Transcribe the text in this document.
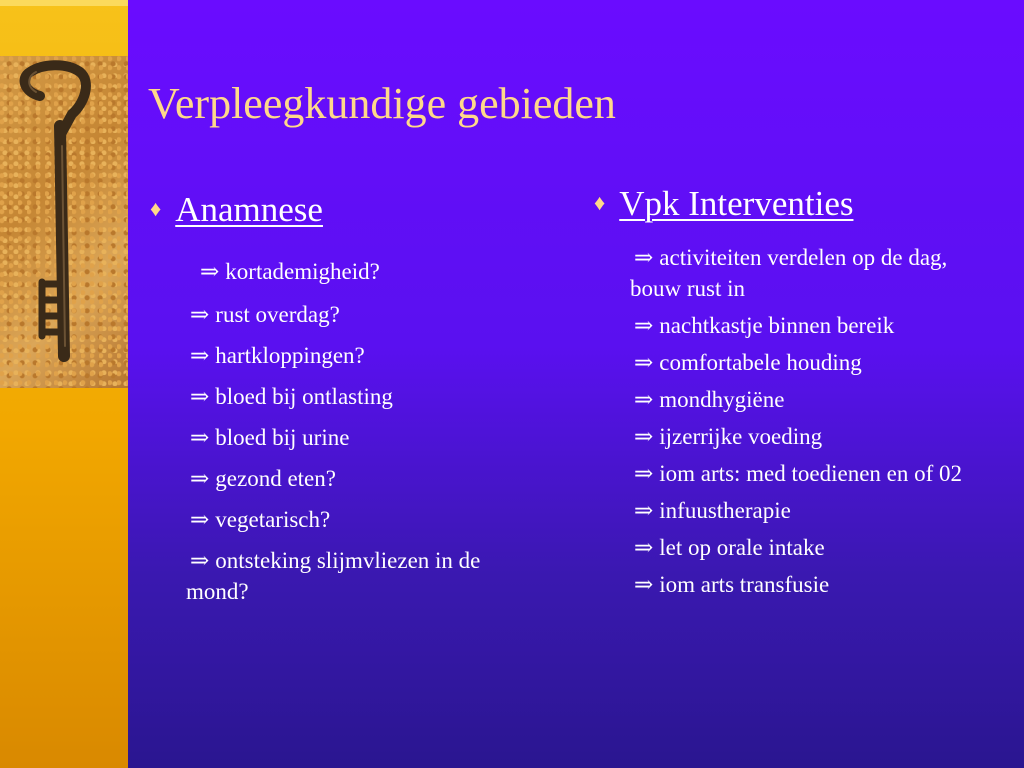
Verpleegkundige gebieden
♦ Anamnese
⇒ kortademigheid?
⇒ rust overdag?
⇒ hartkloppingen?
⇒ bloed bij ontlasting
⇒ bloed bij urine
⇒ gezond eten?
⇒ vegetarisch?
⇒ ontsteking slijmvliezen in de mond?
♦ Vpk Interventies
⇒ activiteiten verdelen op de dag, bouw rust in
⇒ nachtkastje binnen bereik
⇒ comfortabele houding
⇒ mondhygiëne
⇒ ijzerrijke voeding
⇒ iom arts: med toedienen en of 02
⇒ infuustherapie
⇒ let op orale intake
⇒ iom arts transfusie
